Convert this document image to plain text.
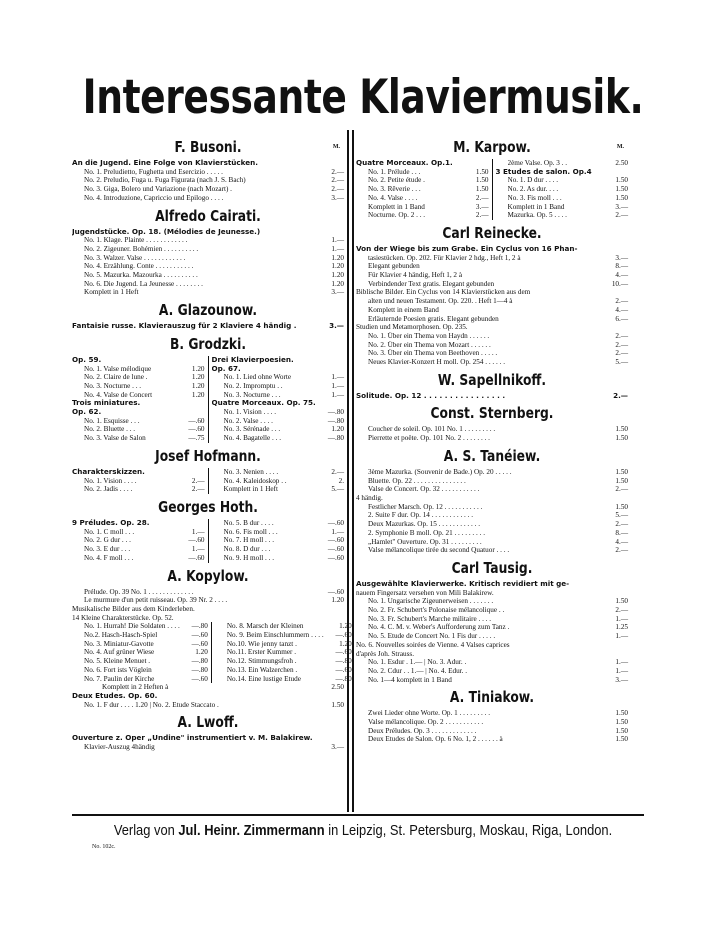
Interessante Klaviermusik.
F. Busoni.	M.
An die Jugend. Eine Folge von Klavierstücken.
No. 1. Preludietto, Fughetta und Esercizio . . . . .	2.—
No. 2. Preludio, Fuga u. Fuga Figurata (nach J. S. Bach)	2.—
No. 3. Giga, Bolero und Variazione (nach Mozart) .	2.—
No. 4. Introduzione, Capriccio und Epilogo . . . .	3.—
Alfredo Cairati.
Jugendstücke. Op. 18. (Mélodies de Jeunesse.)
No. 1. Klage. Plainte . . . . . . . . . . . .	1.—
No. 2. Zigeuner. Bohémien . . . . . . . . . .	1.—
No. 3. Walzer. Valse . . . . . . . . . . . .	1.20
No. 4. Erzählung. Conte . . . . . . . . . . .	1.20
No. 5. Mazurka. Mazourka . . . . . . . . . .	1.20
No. 6. Die Jugend. La Jeunesse . . . . . . . .	1.20
Komplett in 1 Heft	3.—
A. Glazounow.
Fantaisie russe. Klavierauszug für 2 Klaviere 4 händig .	3.—
B. Grodzki.
Op. 59.
No. 1. Valse mélodique	1.20
No. 2. Claire de lune .	1.20
No. 3. Nocturne . . .	1.20
No. 4. Valse de Concert	1.20
Trois miniatures.
Op. 62.
No. 1. Esquisse . . .	—.60
No. 2. Bluette . . .	—.60
No. 3. Valse de Salon	—.75
Drei Klavierpoesien.
Op. 67.
No. 1. Lied ohne Worte	1.—
No. 2. Impromptu . .	1.—
No. 3. Nocturne . . .	1.—
Quatre Morceaux. Op. 75.
No. 1. Vision . . . .	—.80
No. 2. Valse . . . .	—.80
No. 3. Sérénade . . .	1.20
No. 4. Bagatelle . . .	—.80
Josef Hofmann.
Charakterskizzen.
No. 1. Vision . . . .	2.—
No. 2. Jadis . . . .	2.—
No. 3. Nenien . . . .	2.—
No. 4. Kaleidoskop . .	2.
Komplett in 1 Heft	5.—
Georges Hoth.
9 Préludes. Op. 28.
No. 1. C moll . . .	1.—
No. 2. G dur . . .	—.60
No. 3. E dur . . .	1.—
No. 4. F moll . . .	—.60
No. 5. B dur . . . .	—.60
No. 6. Fis moll . . .	1.—
No. 7. H moll . . .	—.60
No. 8. D dur . . .	—.60
No. 9. H moll . . .	—.60
A. Kopylow.
Prélude. Op. 39 No. 1 . . . . . . . . . . . . .	—.60
Le murmure d'un petit ruisseau. Op. 39 Nr. 2 . . . .	1.20
Musikalische Bilder aus dem Kinderleben.
14 Kleine Charakterstücke. Op. 52.
No. 1. Hurrah! Die Soldaten . . . .	—.80
No.2. Hasch-Hasch-Spiel	—.60
No. 3. Miniatur-Gavotte	—.60
No. 4. Auf grüner Wiese	1.20
No. 5. Kleine Menuet .	—.80
No. 6. Fort ists Vöglein	—.80
No. 7. Paulin der Kirche	—.60
No. 8. Marsch der Kleinen	1.20
No. 9. Beim Einschlummern . . . .	—.60
No.10. Wie jenny tanzt .	1.20
No.11. Erster Kummer .	—.60
No.12. Stimmungsfroh .	—.80
No.13. Ein Walzerchen .	—.60
No.14. Eine lustige Etude	—.80
Komplett in 2 Heften à	2.50
Deux Etudes. Op. 60.
No. 1. F dur . . . . 1.20 | No. 2. Etude Staccato .	1.50
A. Lwoff.
Ouverture z. Oper „Undine" instrumentiert v. M. Balakirew.
Klavier-Auszug 4händig	3.—
M. Karpow.	M.
Quatre Morceaux. Op.1.
No. 1. Prélude . . .	1.50
No. 2. Petite étude .	1.50
No. 3. Rêverie . . .	1.50
No. 4. Valse . . . .	2.—
Komplett in 1 Band	3.—
Nocturne. Op. 2 . . .	2.—
2ème Valse. Op. 3 . .	2.50
3 Etudes de salon. Op.4
No. 1. D dur . . . .	1.50
No. 2. As dur. . . .	1.50
No. 3. Fis moll . . .	1.50
Komplett in 1 Band	3.—
Mazurka. Op. 5 . . . .	2.—
Carl Reinecke.
Von der Wiege bis zum Grabe. Ein Cyclus von 16 Phan-
tasiestücken. Op. 202. Für Klavier 2 hdg., Heft 1, 2 à	3.—
Elegant gebunden	8.—
Für Klavier 4 händig, Heft 1, 2 à	4.—
Verbindender Text gratis. Elegant gebunden	10.—
Biblische Bilder. Ein Cyclus von 14 Klavierstücken aus dem
alten und neuen Testament. Op. 220. . Heft 1—4 à	2.—
Komplett in einem Band	4.—
Erläuternde Poesien gratis. Elegant gebunden	6.—
Studien und Metamorphosen. Op. 235.
No. 1. Über ein Thema von Haydn . . . . . .	2.—
No. 2. Über ein Thema von Mozart . . . . . .	2.—
No. 3. Über ein Thema von Beethoven . . . . .	2.—
Neues Klavier-Konzert H moll. Op. 254 . . . . . .	5.—
W. Sapellnikoff.
Solitude. Op. 12 . . . . . . . . . . . . . . . .	2.—
Const. Sternberg.
Coucher de soleil. Op. 101 No. 1 . . . . . . . . .	1.50
Pierrette et poëte. Op. 101 No. 2 . . . . . . . .	1.50
A. S. Tanéiew.
3ème Mazurka. (Souvenir de Bade.) Op. 20 . . . . .	1.50
Bluette. Op. 22 . . . . . . . . . . . . . . .	1.50
Valse de Concert. Op. 32 . . . . . . . . . . .	2.—
4 händig.
Festlicher Marsch. Op. 12 . . . . . . . . . . .	1.50
2. Suite F dur. Op. 14 . . . . . . . . . . . .	5.—
Deux Mazurkas. Op. 15 . . . . . . . . . . . .	2.—
2. Symphonie B moll. Op. 21 . . . . . . . . .	8.—
„Hamlet" Ouverture. Op. 31 . . . . . . . . .	4.—
Valse mélancolique tirée du second Quatuor . . . .	2.—
Carl Tausig.
Ausgewählte Klavierwerke. Kritisch revidiert mit ge-
nauem Fingersatz versehen von Mili Balakirew.
No. 1. Ungarische Zigeunerweisen . . . . . . .	1.50
No. 2. Fr. Schubert's Polonaise mélancolique . .	2.—
No. 3. Fr. Schubert's Marche militaire . . . .	1.—
No. 4. C. M. v. Weber's Aufforderung zum Tanz .	1.25
No. 5. Etude de Concert No. 1 Fis dur . . . . .	1.—
No. 6. Nouvelles soirées de Vienne. 4 Valses caprices
d'après Joh. Strauss.
No. 1. Esdur . 1.— | No. 3. Adur. .	1.—
No. 2. Cdur . . 1.— | No. 4. Edur. .	1.—
No. 1—4 komplett in 1 Band	3.—
A. Tiniakow.
Zwei Lieder ohne Worte. Op. 1 . . . . . . . . .	1.50
Valse mélancolique. Op. 2 . . . . . . . . . . .	1.50
Deux Préludes. Op. 3 . . . . . . . . . . . . .	1.50
Deux Etudes de Salon. Op. 6 No. 1, 2 . . . . . . à	1.50
Verlag von Jul. Heinr. Zimmermann in Leipzig, St. Petersburg, Moskau, Riga, London.
No. 102c.
